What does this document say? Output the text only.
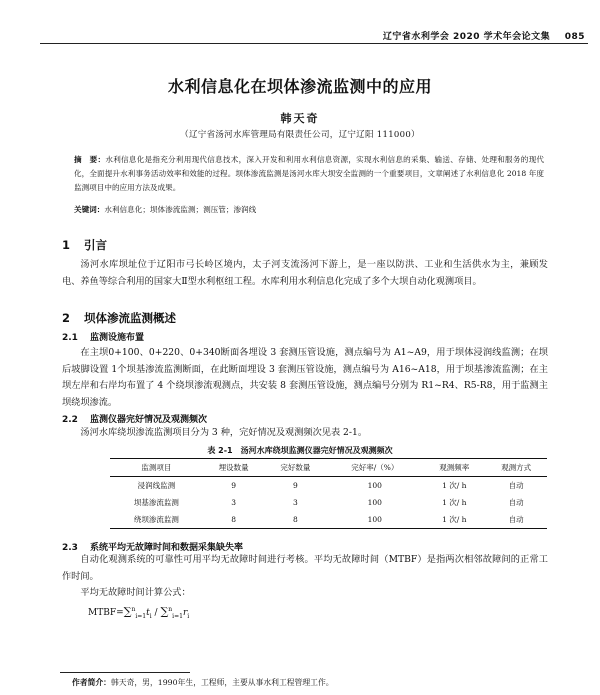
辽宁省水利学会 2020 学术年会论文集 085
水利信息化在坝体渗流监测中的应用
韩天奇
（辽宁省汤河水库管理局有限责任公司，辽宁辽阳 111000）
摘　要：水利信息化是指充分利用现代信息技术，深入开发和利用水利信息资源，实现水利信息的采集、输送、存储、处理和服务的现代化，全面提升水利事务活动效率和效能的过程。坝体渗流监测是汤河水库大坝安全监测的一个重要项目，文章阐述了水利信息化 2018 年度监测项目中的应用方法及成果。
关键词：水利信息化；坝体渗流监测；测压管；渗润线
1 引言
汤河水库坝址位于辽阳市弓长岭区境内，太子河支流汤河下游上，是一座以防洪、工业和生活供水为主，兼顾发电、养鱼等综合利用的国家大Ⅱ型水利枢纽工程。水库利用水利信息化完成了多个大坝自动化观测项目。
2 坝体渗流监测概述
2.1 监测设施布置
在主坝0+100、0+220、0+340断面各埋设 3 套测压管设施，测点编号为 A1~A9，用于坝体浸润线监测；在坝后坡脚设置 1个坝基渗流监测断面，在此断面埋设 3 套测压管设施，测点编号为 A16~A18，用于坝基渗流监测；在主坝左岸和右岸均布置了 4 个绕坝渗流观测点，共安装 8 套测压管设施，测点编号分别为 R1~R4、R5-R8，用于监测主坝绕坝渗流。
2.2 监测仪器完好情况及观测频次
汤河水库绕坝渗流监测项目分为 3 种，完好情况及观测频次见表 2-1。
表 2-1　汤河水库绕坝监测仪器完好情况及观测频次
监测项目	埋设数量	完好数量	完好率/（%）	观测频率	观测方式
浸润线监测	9	9	100	1 次/ h	自动
坝基渗流监测	3	3	100	1 次/ h	自动
绕坝渗流监测	8	8	100	1 次/ h	自动
2.3 系统平均无故障时间和数据采集缺失率
自动化观测系统的可靠性可用平均无故障时间进行考核。平均无故障时间（MTBF）是指两次相邻故障间的正常工作时间。
平均无故障时间计算公式：
$MTBF=\sum^n_{i=1}t_i / \sum^n_{i=1}r_i$
作者简介：韩天奇，男，1990年生，工程师，主要从事水利工程管理工作。
